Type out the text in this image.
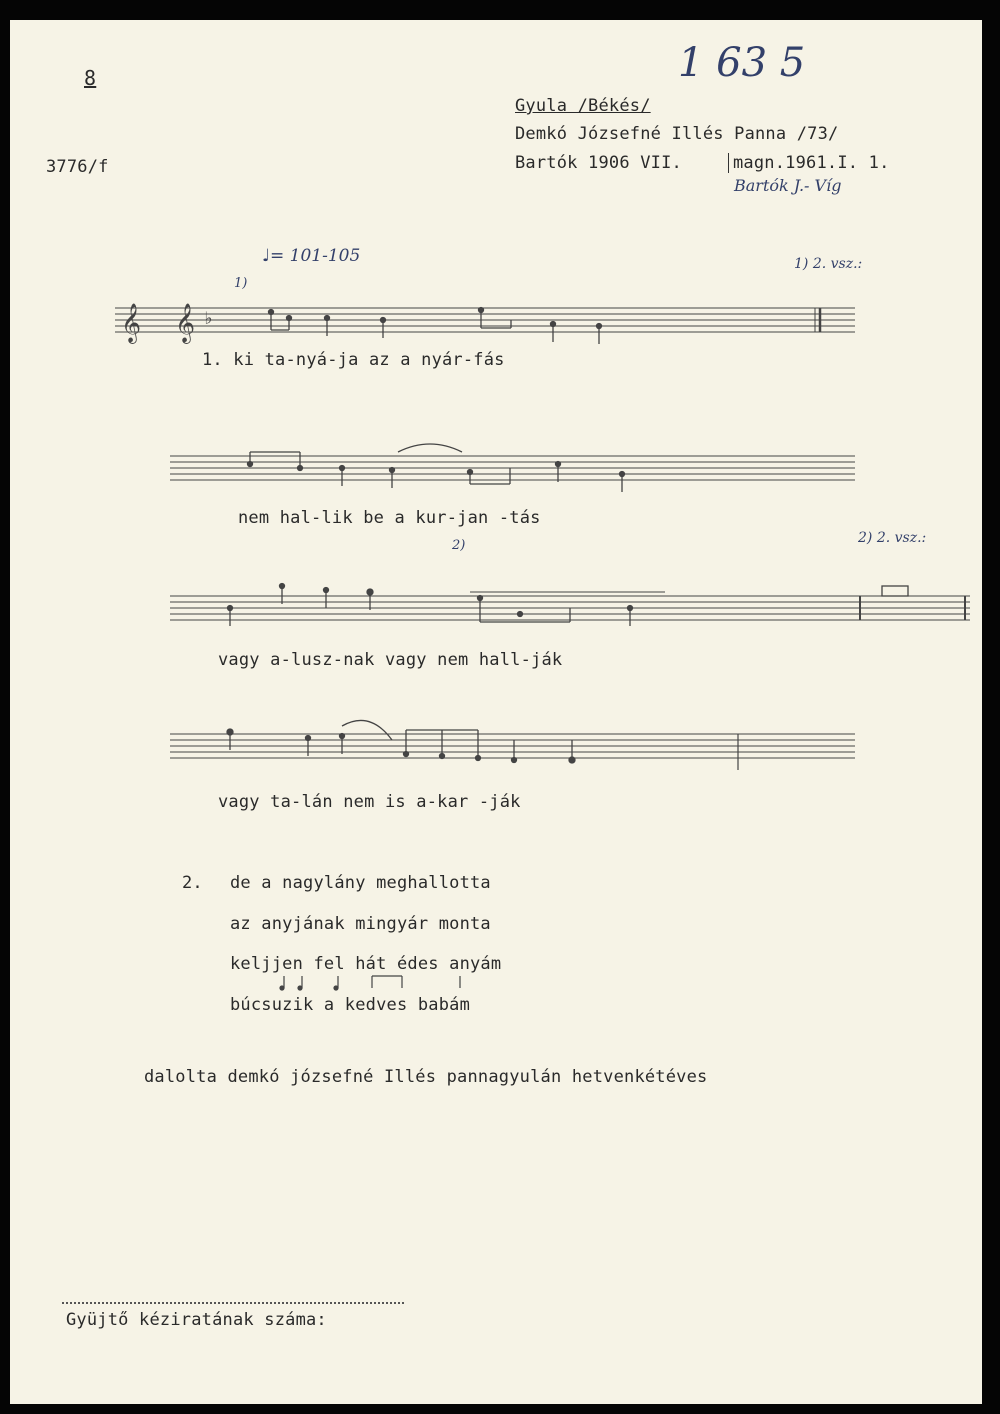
8
3776/f
1 63 5
Gyula /Békés/
Demkó Józsefné Illés Panna /73/
Bartók 1906 VII.	magn.1961.I. 1.
Bartók J.- Víg
♩= 101-105	1) 2. vsz.:
1)
𝄞 𝄞 ♭
1. ki ta-nyá-ja az a nyár-fás
nem hal-lik be a kur-jan -tás
2)	2) 2. vsz.:
vagy a-lusz-nak vagy nem hall-ják
vagy ta-lán nem is a-kar -ják
2. de a nagylány meghallotta
az anyjának mingyár monta
keljjen fel hát édes anyám
búcsuzik a kedves babám
dalolta demkó józsefné Illés pannagyulán hetvenkétéves
Gyüjtő kéziratának száma:
